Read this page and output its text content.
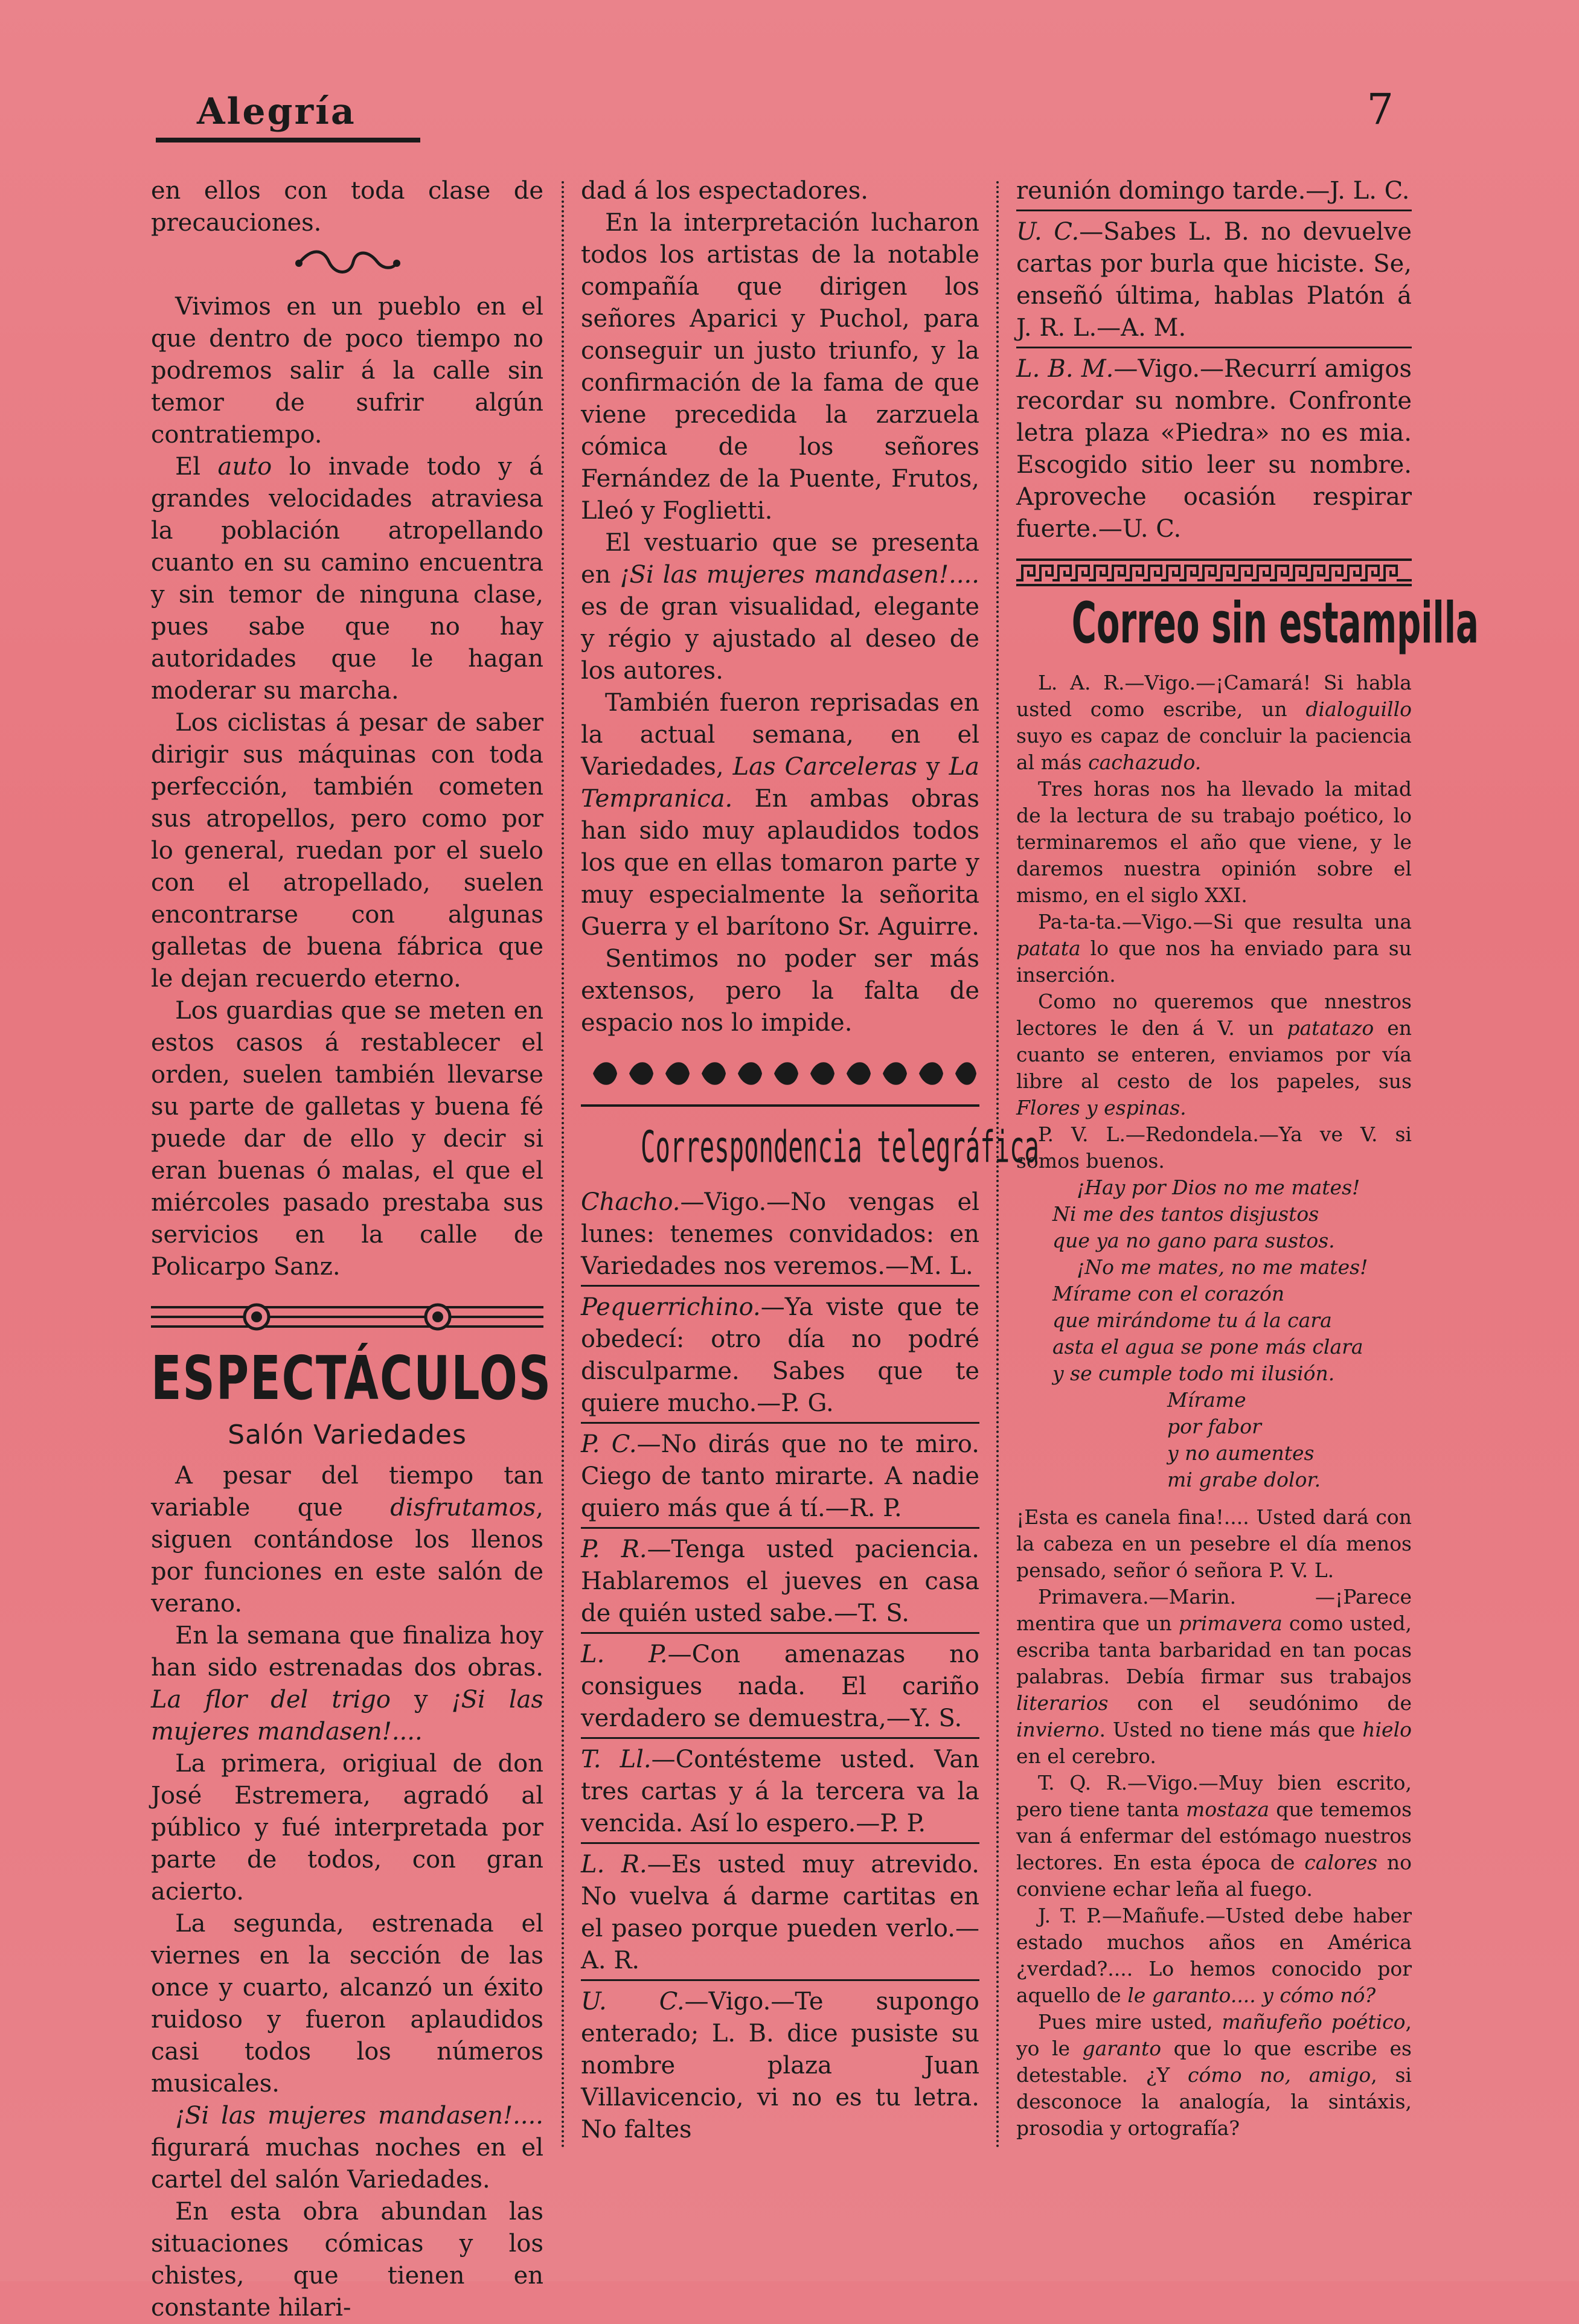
Alegría	7

en ellos con toda clase de precauciones.

Vivimos en un pueblo en el que dentro de poco tiempo no podremos salir á la calle sin temor de sufrir algún contratiempo.

El auto lo invade todo y á grandes velocidades atraviesa la población atropellando cuanto en su camino encuentra y sin temor de ninguna clase, pues sabe que no hay autoridades que le hagan moderar su marcha.

Los ciclistas á pesar de saber dirigir sus máquinas con toda perfección, también cometen sus atropellos, pero como por lo general, ruedan por el suelo con el atropellado, suelen encontrarse con algunas galletas de buena fábrica que le dejan recuerdo eterno.

Los guardias que se meten en estos casos á restablecer el orden, suelen también llevarse su parte de galletas y buena fé puede dar de ello y decir si eran buenas ó malas, el que el miércoles pasado prestaba sus servicios en la calle de Policarpo Sanz.

ESPECTÁCULOS
Salón Variedades

A pesar del tiempo tan variable que disfrutamos, siguen contándose los llenos por funciones en este salón de verano.

En la semana que finaliza hoy han sido estrenadas dos obras. La flor del trigo y ¡Si las mujeres mandasen!....

La primera, origiual de don José Estremera, agradó al público y fué interpretada por parte de todos, con gran acierto.

La segunda, estrenada el viernes en la sección de las once y cuarto, alcanzó un éxito ruidoso y fueron aplaudidos casi todos los números musicales.

¡Si las mujeres mandasen!.... figurará muchas noches en el cartel del salón Variedades.

En esta obra abundan las situaciones cómicas y los chistes, que tienen en constante hilari-

dad á los espectadores.

En la interpretación lucharon todos los artistas de la notable compañía que dirigen los señores Aparici y Puchol, para conseguir un justo triunfo, y la confirmación de la fama de que viene precedida la zarzuela cómica de los señores Fernández de la Puente, Frutos, Lleó y Foglietti.

El vestuario que se presenta en ¡Si las mujeres mandasen!.... es de gran visualidad, elegante y régio y ajustado al deseo de los autores.

También fueron reprisadas en la actual semana, en el Variedades, Las Carceleras y La Tempranica. En ambas obras han sido muy aplaudidos todos los que en ellas tomaron parte y muy especialmente la señorita Guerra y el barítono Sr. Aguirre.

Sentimos no poder ser más extensos, pero la falta de espacio nos lo impide.

Correspondencia telegráfica
Chacho.—Vigo.—No vengas el lunes: tenemes convidados: en Variedades nos veremos.—M. L.
Pequerrichino.—Ya viste que te obedecí: otro día no podré disculparme. Sabes que te quiere mucho.—P. G.
P. C.—No dirás que no te miro. Ciego de tanto mirarte. A nadie quiero más que á tí.—R. P.
P. R.—Tenga usted paciencia. Hablaremos el jueves en casa de quién usted sabe.—T. S.
L. P.—Con amenazas no consigues nada. El cariño verdadero se demuestra,—Y. S.
T. Ll.—Contésteme usted. Van tres cartas y á la tercera va la vencida. Así lo espero.—P. P.
L. R.—Es usted muy atrevido. No vuelva á darme cartitas en el paseo porque pueden verlo.—A. R.
U. C.—Vigo.—Te supongo enterado; L. B. dice pusiste su nombre plaza Juan Villavicencio, vi no es tu letra. No faltes
reunión domingo tarde.—J. L. C.
U. C.—Sabes L. B. no devuelve cartas por burla que hiciste. Se, enseñó última, hablas Platón á J. R. L.—A. M.
L. B. M.—Vigo.—Recurrí amigos recordar su nombre. Confronte letra plaza «Piedra» no es mia. Escogido sitio leer su nombre. Aproveche ocasión respirar fuerte.—U. C.
Correo sin estampilla

L. A. R.—Vigo.—¡Camará! Si habla usted como escribe, un dialoguillo suyo es capaz de concluir la paciencia al más cachazudo.

Tres horas nos ha llevado la mitad de la lectura de su trabajo poético, lo terminaremos el año que viene, y le daremos nuestra opinión sobre el mismo, en el siglo XXI.

Pa-ta-ta.—Vigo.—Si que resulta una patata lo que nos ha enviado para su inserción.

Como no queremos que nnestros lectores le den á V. un patatazo en cuanto se enteren, enviamos por vía libre al cesto de los papeles, sus Flores y espinas.

P. V. L.—Redondela.—Ya ve V. si somos buenos.

¡Hay por Dios no me mates!
Ni me des tantos disjustos
que ya no gano para sustos.
¡No me mates, no me mates!
Mírame con el corazón
que mirándome tu á la cara
asta el agua se pone más clara
y se cumple todo mi ilusión.
Mírame
por fabor
y no aumentes
mi grabe dolor.

¡Esta es canela fina!.... Usted dará con la cabeza en un pesebre el día menos pensado, señor ó señora P. V. L.

Primavera.—Marin. —¡Parece mentira que un primavera como usted, escriba tanta barbaridad en tan pocas palabras. Debía firmar sus trabajos literarios con el seudónimo de invierno. Usted no tiene más que hielo en el cerebro.

T. Q. R.—Vigo.—Muy bien escrito, pero tiene tanta mostaza que tememos van á enfermar del estómago nuestros lectores. En esta época de calores no conviene echar leña al fuego.

J. T. P.—Mañufe.—Usted debe haber estado muchos años en América ¿verdad?.... Lo hemos conocido por aquello de le garanto.... y cómo nó?

Pues mire usted, mañufeño poético, yo le garanto que lo que escribe es detestable. ¿Y cómo no, amigo, si desconoce la analogía, la sintáxis, prosodia y ortografía?
